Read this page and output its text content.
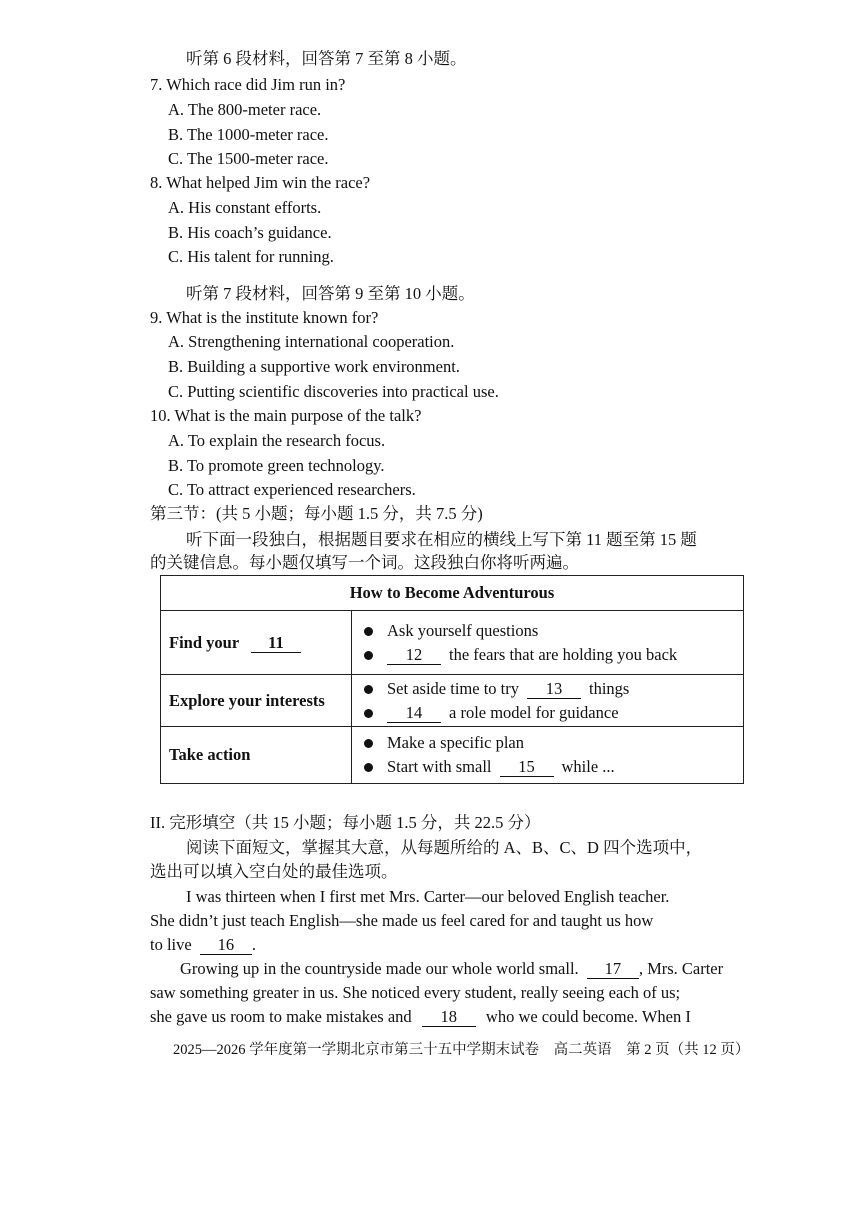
听第 6 段材料，回答第 7 至第 8 小题。
7. Which race did Jim run in?
A. The 800-meter race.
B. The 1000-meter race.
C. The 1500-meter race.
8. What helped Jim win the race?
A. His constant efforts.
B. His coach’s guidance.
C. His talent for running.
听第 7 段材料，回答第 9 至第 10 小题。
9. What is the institute known for?
A. Strengthening international cooperation.
B. Building a supportive work environment.
C. Putting scientific discoveries into practical use.
10. What is the main purpose of the talk?
A. To explain the research focus.
B. To promote green technology.
C. To attract experienced researchers.
第三节：(共 5 小题；每小题 1.5 分，共 7.5 分)
听下面一段独白，根据题目要求在相应的横线上写下第 11 题至第 15 题
的关键信息。每小题仅填写一个词。这段独白你将听两遍。
How to Become Adventurous	
Find your 11	Ask yourself questions
12 the fears that are holding you back

Explore your interests	Set aside time to try 13 things
14 a role model for guidance

Take action	Make a specific plan
Start with small 15 while ...
II. 完形填空（共 15 小题；每小题 1.5 分，共 22.5 分）
阅读下面短文，掌握其大意，从每题所给的 A、B、C、D 四个选项中，
选出可以填入空白处的最佳选项。
I was thirteen when I first met Mrs. Carter—our beloved English teacher.
She didn’t just teach English—she made us feel cared for and taught us how
to live 16 .
Growing up in the countryside made our whole world small. 17 , Mrs. Carter
saw something greater in us. She noticed every student, really seeing each of us;
she gave us room to make mistakes and 18 who we could become. When I
2025—2026 学年度第一学期北京市第三十五中学期末试卷　高二英语　第 2 页（共 12 页）
